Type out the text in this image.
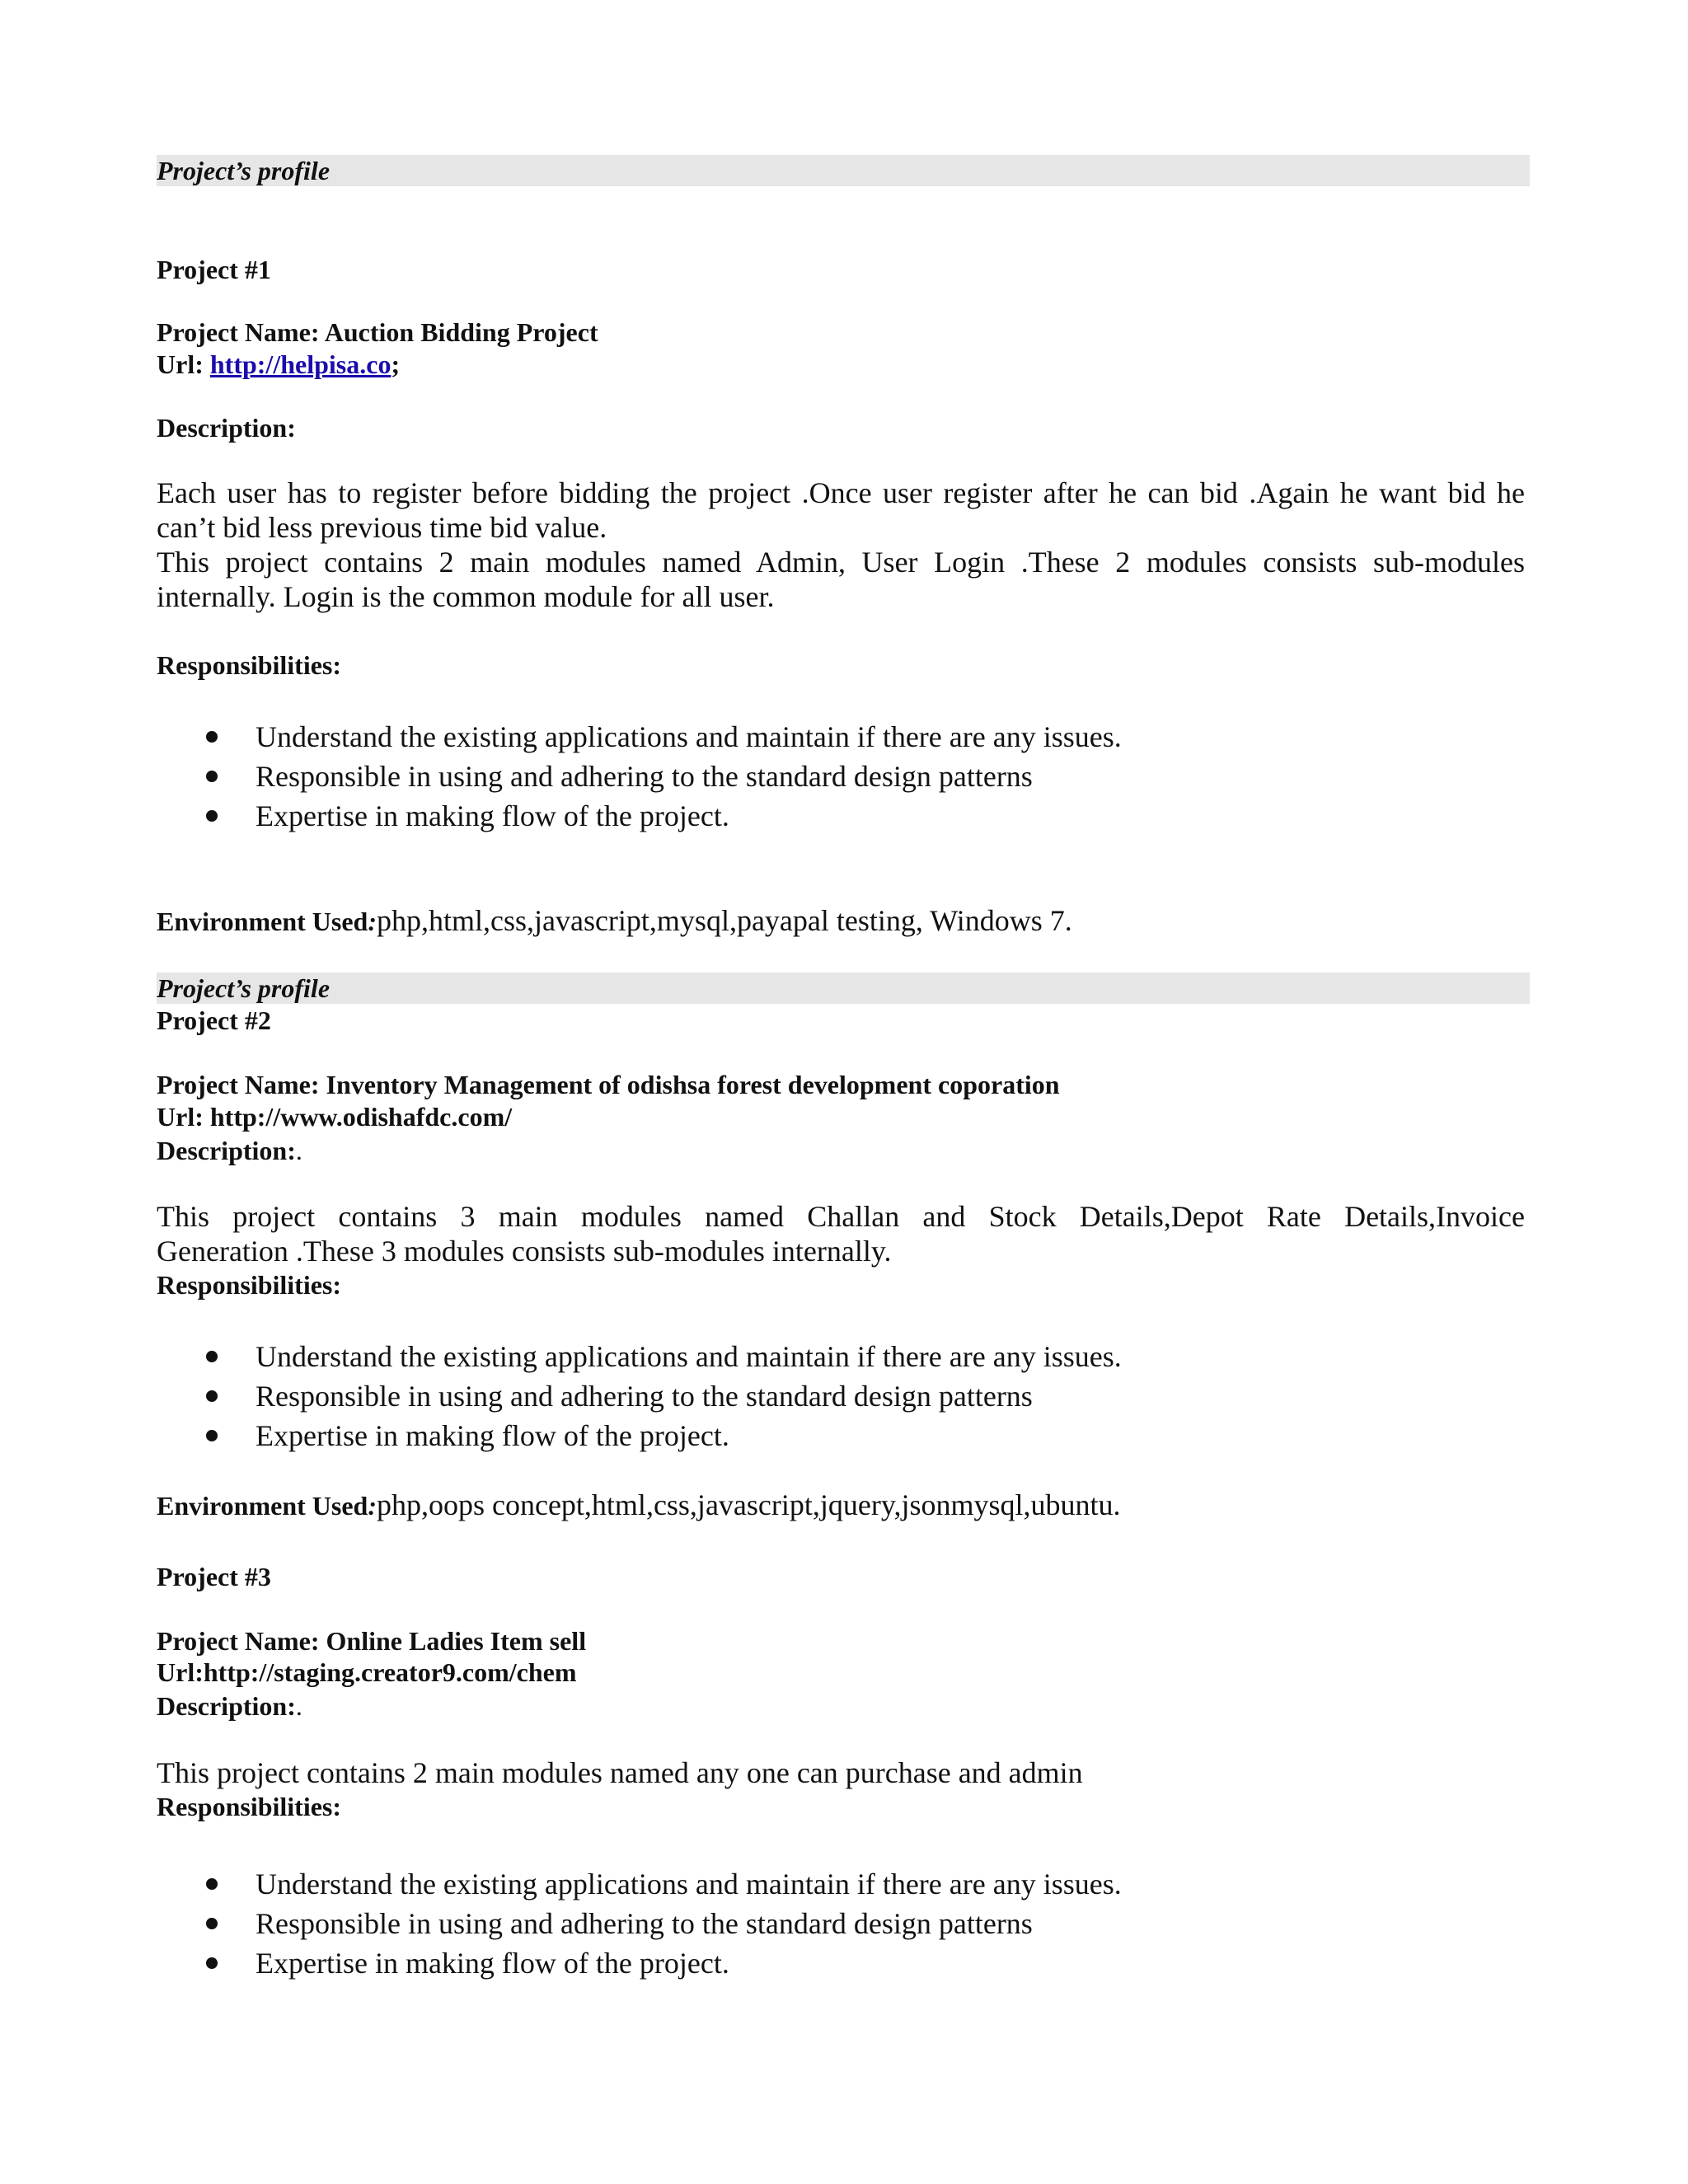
Project’s profile

Project #1

Project Name: Auction Bidding Project

Url: http://helpisa.co;

Description:

Each user has to register before bidding the project .Once user register after he can bid .Again he want bid he
can’t bid less previous time bid value.
This project contains 2 main modules named Admin, User Login .These 2 modules consists sub-modules
internally. Login is the common module for all user.

Responsibilities:

Understand the existing applications and maintain if there are any issues.
Responsible in using and adhering to the standard design patterns
Expertise in making flow of the project.

Environment Used:php,html,css,javascript,mysql,payapal testing, Windows 7.

Project’s profile

Project #2

Project Name: Inventory Management of odishsa forest development coporation

Url: http://www.odishafdc.com/

Description:.

This project contains 3 main modules named Challan and Stock Details,Depot Rate Details,Invoice
Generation .These 3 modules consists sub-modules internally.

Responsibilities:

Understand the existing applications and maintain if there are any issues.
Responsible in using and adhering to the standard design patterns
Expertise in making flow of the project.

Environment Used:php,oops concept,html,css,javascript,jquery,jsonmysql,ubuntu.

Project #3

Project Name: Online Ladies Item sell

Url:http://staging.creator9.com/chem

Description:.

This project contains 2 main modules named any one can purchase and admin

Responsibilities:

Understand the existing applications and maintain if there are any issues.
Responsible in using and adhering to the standard design patterns
Expertise in making flow of the project.
